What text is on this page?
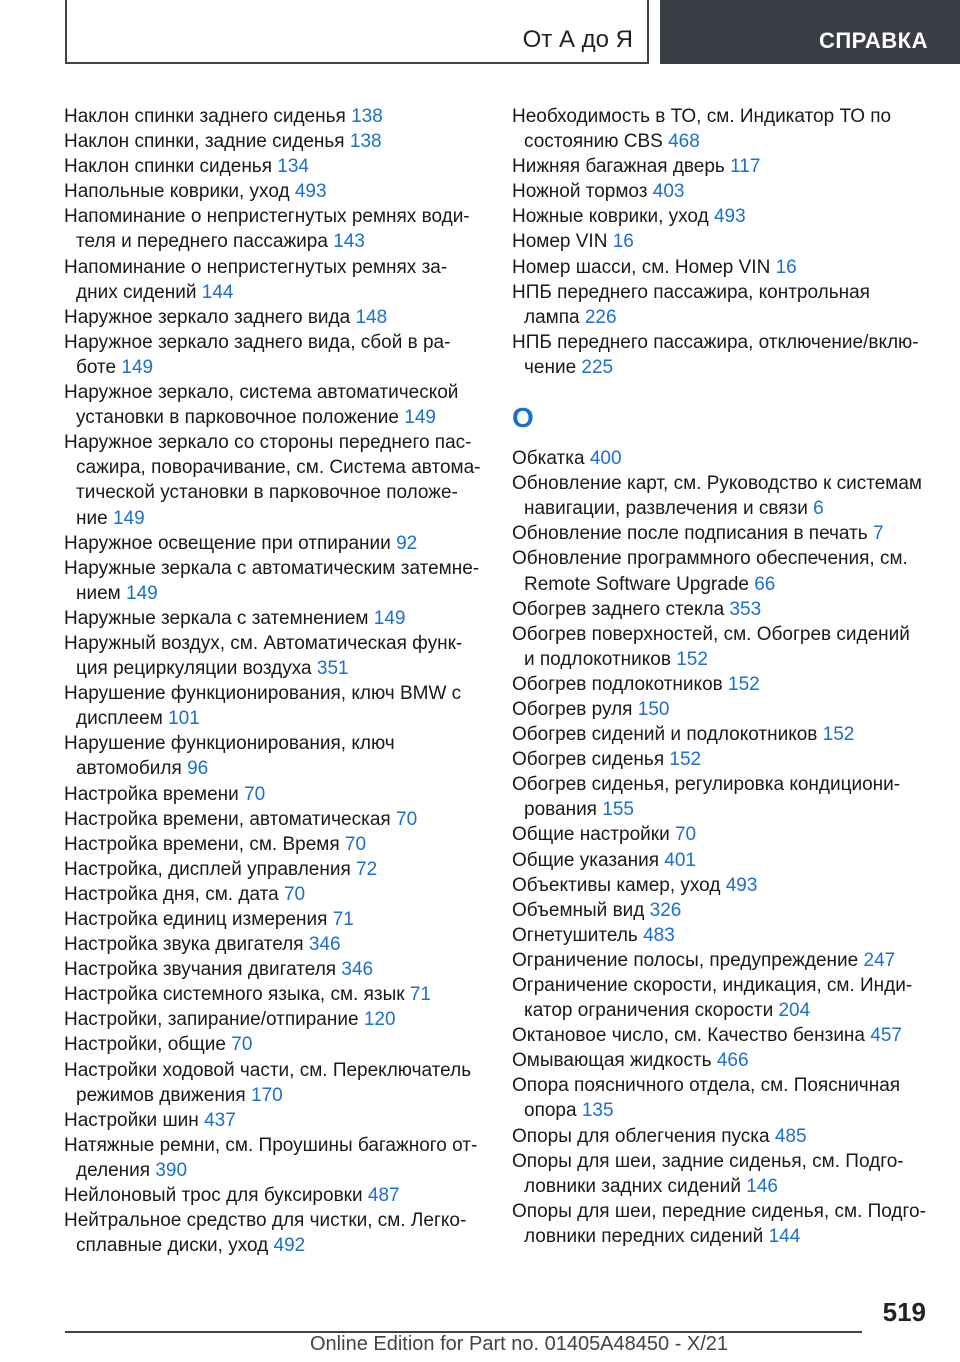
От А до Я	СПРАВКА

Наклон спинки заднего сиденья 138

Наклон спинки, задние сиденья 138

Наклон спинки сиденья 134

Напольные коврики, уход 493

Напоминание о непристегнутых ремнях води-
теля и переднего пассажира 143

Напоминание о непристегнутых ремнях за-
дних сидений 144

Наружное зеркало заднего вида 148

Наружное зеркало заднего вида, сбой в ра-
боте 149

Наружное зеркало, система автоматической
установки в парковочное положение 149

Наружное зеркало со стороны переднего пас-
сажира, поворачивание, см. Система автома-
тической установки в парковочное положе-
ние 149

Наружное освещение при отпирании 92

Наружные зеркала с автоматическим затемне-
нием 149

Наружные зеркала с затемнением 149

Наружный воздух, см. Автоматическая функ-
ция рециркуляции воздуха 351

Нарушение функционирования, ключ BMW с
дисплеем 101

Нарушение функционирования, ключ
автомобиля 96

Настройка времени 70

Настройка времени, автоматическая 70

Настройка времени, см. Время 70

Настройка, дисплей управления 72

Настройка дня, см. дата 70

Настройка единиц измерения 71

Настройка звука двигателя 346

Настройка звучания двигателя 346

Настройка системного языка, см. язык 71

Настройки, запирание/отпирание 120

Настройки, общие 70

Настройки ходовой части, см. Переключатель
режимов движения 170

Настройки шин 437

Натяжные ремни, см. Проушины багажного от-
деления 390

Нейлоновый трос для буксировки 487

Нейтральное средство для чистки, см. Легко-
сплавные диски, уход 492

Необходимость в ТО, см. Индикатор ТО по
состоянию CBS 468

Нижняя багажная дверь 117

Ножной тормоз 403

Ножные коврики, уход 493

Номер VIN 16

Номер шасси, см. Номер VIN 16

НПБ переднего пассажира, контрольная
лампа 226

НПБ переднего пассажира, отключение/вклю-
чение 225

О

Обкатка 400

Обновление карт, см. Руководство к системам
навигации, развлечения и связи 6

Обновление после подписания в печать 7

Обновление программного обеспечения, см.
Remote Software Upgrade 66

Обогрев заднего стекла 353

Обогрев поверхностей, см. Обогрев сидений
и подлокотников 152

Обогрев подлокотников 152

Обогрев руля 150

Обогрев сидений и подлокотников 152

Обогрев сиденья 152

Обогрев сиденья, регулировка кондициони-
рования 155

Общие настройки 70

Общие указания 401

Объективы камер, уход 493

Объемный вид 326

Огнетушитель 483

Ограничение полосы, предупреждение 247

Ограничение скорости, индикация, см. Инди-
катор ограничения скорости 204

Октановое число, см. Качество бензина 457

Омывающая жидкость 466

Опора поясничного отдела, см. Поясничная
опора 135

Опоры для облегчения пуска 485

Опоры для шеи, задние сиденья, см. Подго-
ловники задних сидений 146

Опоры для шеи, передние сиденья, см. Подго-
ловники передних сидений 144

519
Online Edition for Part no. 01405A48450 - X/21
